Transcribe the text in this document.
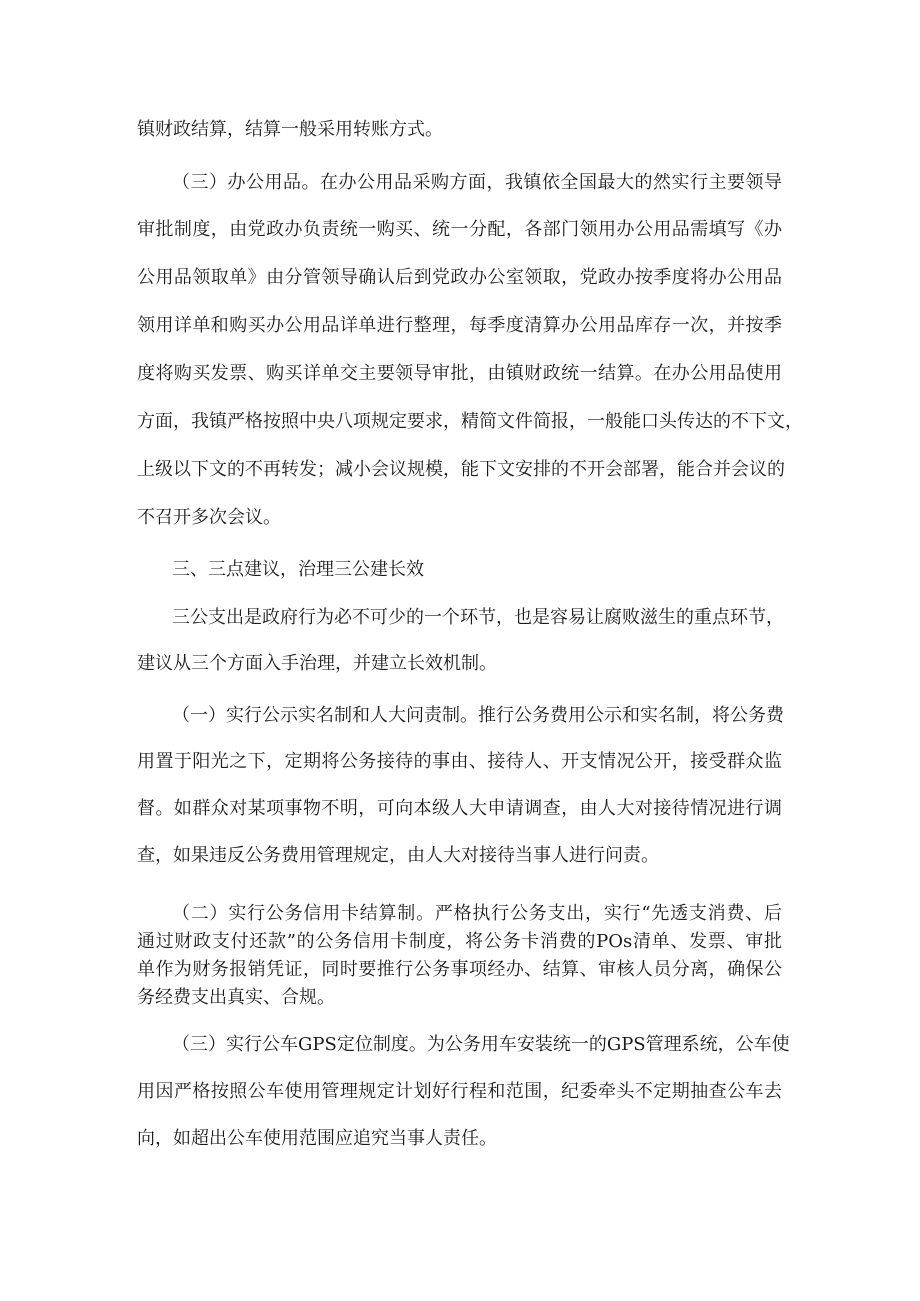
镇财政结算，结算一般采用转账方式。
（三）办公用品。在办公用品采购方面，我镇依全国最大的然实行主要领导
审批制度，由党政办负责统一购买、统一分配，各部门领用办公用品需填写《办
公用品领取单》由分管领导确认后到党政办公室领取，党政办按季度将办公用品
领用详单和购买办公用品详单进行整理，每季度清算办公用品库存一次，并按季
度将购买发票、购买详单交主要领导审批，由镇财政统一结算。在办公用品使用
方面，我镇严格按照中央八项规定要求，精简文件简报，一般能口头传达的不下文，
上级以下文的不再转发；减小会议规模，能下文安排的不开会部署，能合并会议的
不召开多次会议。
三、三点建议，治理三公建长效
三公支出是政府行为必不可少的一个环节，也是容易让腐败滋生的重点环节，
建议从三个方面入手治理，并建立长效机制。
（一）实行公示实名制和人大问责制。推行公务费用公示和实名制，将公务费
用置于阳光之下，定期将公务接待的事由、接待人、开支情况公开，接受群众监
督。如群众对某项事物不明，可向本级人大申请调查，由人大对接待情况进行调
查，如果违反公务费用管理规定，由人大对接待当事人进行问责。
（二）实行公务信用卡结算制。严格执行公务支出，实行“先透支消费、后
通过财政支付还款”的公务信用卡制度，将公务卡消费的POs清单、发票、审批
单作为财务报销凭证，同时要推行公务事项经办、结算、审核人员分离，确保公
务经费支出真实、合规。
（三）实行公车GPS定位制度。为公务用车安装统一的GPS管理系统，公车使
用因严格按照公车使用管理规定计划好行程和范围，纪委牵头不定期抽查公车去
向，如超出公车使用范围应追究当事人责任。
